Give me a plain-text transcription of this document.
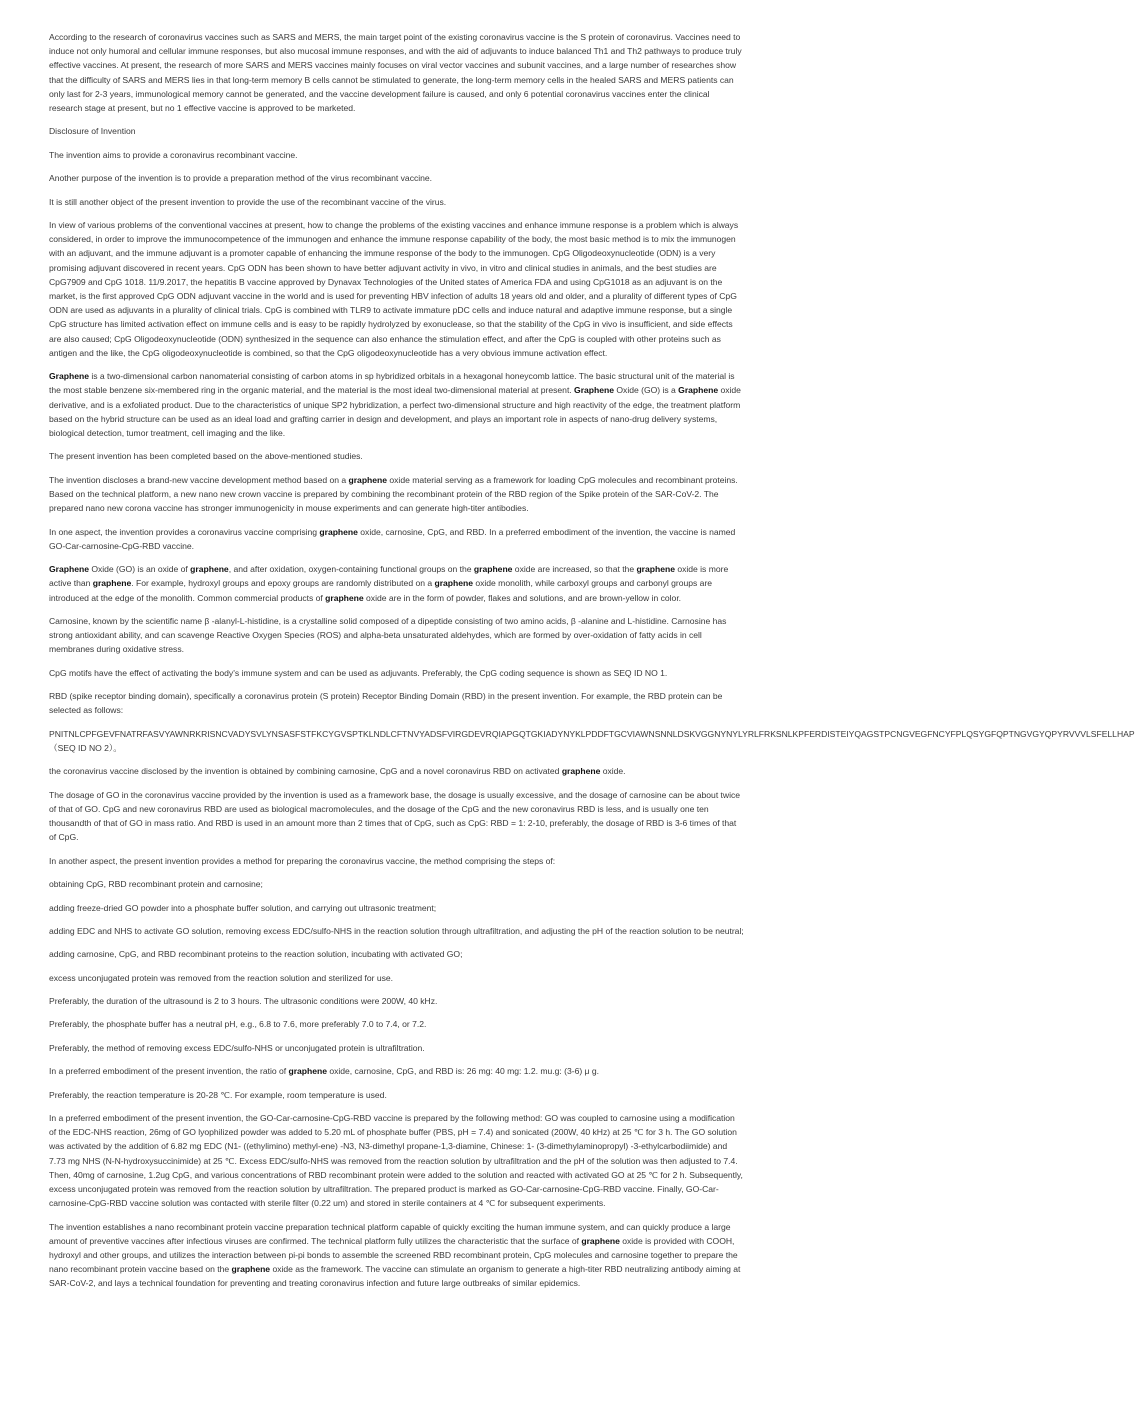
According to the research of coronavirus vaccines such as SARS and MERS, the main target point of the existing coronavirus vaccine is the S protein of coronavirus. Vaccines need to induce not only humoral and cellular immune responses, but also mucosal immune responses, and with the aid of adjuvants to induce balanced Th1 and Th2 pathways to produce truly effective vaccines. At present, the research of more SARS and MERS vaccines mainly focuses on viral vector vaccines and subunit vaccines, and a large number of researches show that the difficulty of SARS and MERS lies in that long-term memory B cells cannot be stimulated to generate, the long-term memory cells in the healed SARS and MERS patients can only last for 2-3 years, immunological memory cannot be generated, and the vaccine development failure is caused, and only 6 potential coronavirus vaccines enter the clinical research stage at present, but no 1 effective vaccine is approved to be marketed.

Disclosure of Invention

The invention aims to provide a coronavirus recombinant vaccine.

Another purpose of the invention is to provide a preparation method of the virus recombinant vaccine.

It is still another object of the present invention to provide the use of the recombinant vaccine of the virus.

In view of various problems of the conventional vaccines at present, how to change the problems of the existing vaccines and enhance immune response is a problem which is always considered, in order to improve the immunocompetence of the immunogen and enhance the immune response capability of the body, the most basic method is to mix the immunogen with an adjuvant, and the immune adjuvant is a promoter capable of enhancing the immune response of the body to the immunogen. CpG Oligodeoxynucleotide (ODN) is a very promising adjuvant discovered in recent years. CpG ODN has been shown to have better adjuvant activity in vivo, in vitro and clinical studies in animals, and the best studies are CpG7909 and CpG 1018. 11/9.2017, the hepatitis B vaccine approved by Dynavax Technologies of the United states of America FDA and using CpG1018 as an adjuvant is on the market, is the first approved CpG ODN adjuvant vaccine in the world and is used for preventing HBV infection of adults 18 years old and older, and a plurality of different types of CpG ODN are used as adjuvants in a plurality of clinical trials. CpG is combined with TLR9 to activate immature pDC cells and induce natural and adaptive immune response, but a single CpG structure has limited activation effect on immune cells and is easy to be rapidly hydrolyzed by exonuclease, so that the stability of the CpG in vivo is insufficient, and side effects are also caused; CpG Oligodeoxynucleotide (ODN) synthesized in the sequence can also enhance the stimulation effect, and after the CpG is coupled with other proteins such as antigen and the like, the CpG oligodeoxynucleotide is combined, so that the CpG oligodeoxynucleotide has a very obvious immune activation effect.

Graphene is a two-dimensional carbon nanomaterial consisting of carbon atoms in sp hybridized orbitals in a hexagonal honeycomb lattice. The basic structural unit of the material is the most stable benzene six-membered ring in the organic material, and the material is the most ideal two-dimensional material at present. Graphene Oxide (GO) is a Graphene oxide derivative, and is a exfoliated product. Due to the characteristics of unique SP2 hybridization, a perfect two-dimensional structure and high reactivity of the edge, the treatment platform based on the hybrid structure can be used as an ideal load and grafting carrier in design and development, and plays an important role in aspects of nano-drug delivery systems, biological detection, tumor treatment, cell imaging and the like.

The present invention has been completed based on the above-mentioned studies.

The invention discloses a brand-new vaccine development method based on a graphene oxide material serving as a framework for loading CpG molecules and recombinant proteins. Based on the technical platform, a new nano new crown vaccine is prepared by combining the recombinant protein of the RBD region of the Spike protein of the SAR-CoV-2. The prepared nano new corona vaccine has stronger immunogenicity in mouse experiments and can generate high-titer antibodies.

In one aspect, the invention provides a coronavirus vaccine comprising graphene oxide, carnosine, CpG, and RBD. In a preferred embodiment of the invention, the vaccine is named GO-Car-carnosine-CpG-RBD vaccine.

Graphene Oxide (GO) is an oxide of graphene, and after oxidation, oxygen-containing functional groups on the graphene oxide are increased, so that the graphene oxide is more active than graphene. For example, hydroxyl groups and epoxy groups are randomly distributed on a graphene oxide monolith, while carboxyl groups and carbonyl groups are introduced at the edge of the monolith. Common commercial products of graphene oxide are in the form of powder, flakes and solutions, and are brown-yellow in color.

Carnosine, known by the scientific name β -alanyl-L-histidine, is a crystalline solid composed of a dipeptide consisting of two amino acids, β -alanine and L-histidine. Carnosine has strong antioxidant ability, and can scavenge Reactive Oxygen Species (ROS) and alpha-beta unsaturated aldehydes, which are formed by over-oxidation of fatty acids in cell membranes during oxidative stress.

CpG motifs have the effect of activating the body's immune system and can be used as adjuvants. Preferably, the CpG coding sequence is shown as SEQ ID NO 1.

RBD (spike receptor binding domain), specifically a coronavirus protein (S protein) Receptor Binding Domain (RBD) in the present invention. For example, the RBD protein can be selected as follows:

PNITNLCPFGEVFNATRFASVYAWNRKRISNCVADYSVLYNSASFSTFKCYGVSPTKLNDLCFTNVYADSFVIRGDEVRQIAPGQTGKIADYNYKLPDDFTGCVIAWNSNNLDSKVGGNYNYLYRLFRKSNLKPFERDISTEIYQAGSTPCNGVEGFNCYFPLQSYGFQPTNGVGYQPYRVVVLSFELLHAP（SEQ ID NO 2）。

the coronavirus vaccine disclosed by the invention is obtained by combining carnosine, CpG and a novel coronavirus RBD on activated graphene oxide.

The dosage of GO in the coronavirus vaccine provided by the invention is used as a framework base, the dosage is usually excessive, and the dosage of carnosine can be about twice of that of GO. CpG and new coronavirus RBD are used as biological macromolecules, and the dosage of the CpG and the new coronavirus RBD is less, and is usually one ten thousandth of that of GO in mass ratio. And RBD is used in an amount more than 2 times that of CpG, such as CpG: RBD = 1: 2-10, preferably, the dosage of RBD is 3-6 times of that of CpG.

In another aspect, the present invention provides a method for preparing the coronavirus vaccine, the method comprising the steps of:

obtaining CpG, RBD recombinant protein and carnosine;

adding freeze-dried GO powder into a phosphate buffer solution, and carrying out ultrasonic treatment;

adding EDC and NHS to activate GO solution, removing excess EDC/sulfo-NHS in the reaction solution through ultrafiltration, and adjusting the pH of the reaction solution to be neutral;

adding carnosine, CpG, and RBD recombinant proteins to the reaction solution, incubating with activated GO;

excess unconjugated protein was removed from the reaction solution and sterilized for use.

Preferably, the duration of the ultrasound is 2 to 3 hours. The ultrasonic conditions were 200W, 40 kHz.

Preferably, the phosphate buffer has a neutral pH, e.g., 6.8 to 7.6, more preferably 7.0 to 7.4, or 7.2.

Preferably, the method of removing excess EDC/sulfo-NHS or unconjugated protein is ultrafiltration.

In a preferred embodiment of the present invention, the ratio of graphene oxide, carnosine, CpG, and RBD is: 26 mg: 40 mg: 1.2. mu.g: (3-6) μ g.

Preferably, the reaction temperature is 20-28 ℃. For example, room temperature is used.

In a preferred embodiment of the present invention, the GO-Car-carnosine-CpG-RBD vaccine is prepared by the following method: GO was coupled to carnosine using a modification of the EDC-NHS reaction, 26mg of GO lyophilized powder was added to 5.20 mL of phosphate buffer (PBS, pH = 7.4) and sonicated (200W, 40 kHz) at 25 ℃ for 3 h. The GO solution was activated by the addition of 6.82 mg EDC (N1- ((ethylimino) methyl-ene) -N3, N3-dimethyl propane-1,3-diamine, Chinese: 1- (3-dimethylaminopropyl) -3-ethylcarbodiimide) and 7.73 mg NHS (N-N-hydroxysuccinimide) at 25 ℃. Excess EDC/sulfo-NHS was removed from the reaction solution by ultrafiltration and the pH of the solution was then adjusted to 7.4. Then, 40mg of carnosine, 1.2ug CpG, and various concentrations of RBD recombinant protein were added to the solution and reacted with activated GO at 25 ℃ for 2 h. Subsequently, excess unconjugated protein was removed from the reaction solution by ultrafiltration. The prepared product is marked as GO-Car-carnosine-CpG-RBD vaccine. Finally, GO-Car-carnosine-CpG-RBD vaccine solution was contacted with sterile filter (0.22 um) and stored in sterile containers at 4 ℃ for subsequent experiments.

The invention establishes a nano recombinant protein vaccine preparation technical platform capable of quickly exciting the human immune system, and can quickly produce a large amount of preventive vaccines after infectious viruses are confirmed. The technical platform fully utilizes the characteristic that the surface of graphene oxide is provided with COOH, hydroxyl and other groups, and utilizes the interaction between pi-pi bonds to assemble the screened RBD recombinant protein, CpG molecules and carnosine together to prepare the nano recombinant protein vaccine based on the graphene oxide as the framework. The vaccine can stimulate an organism to generate a high-titer RBD neutralizing antibody aiming at SAR-CoV-2, and lays a technical foundation for preventing and treating coronavirus infection and future large outbreaks of similar epidemics.
